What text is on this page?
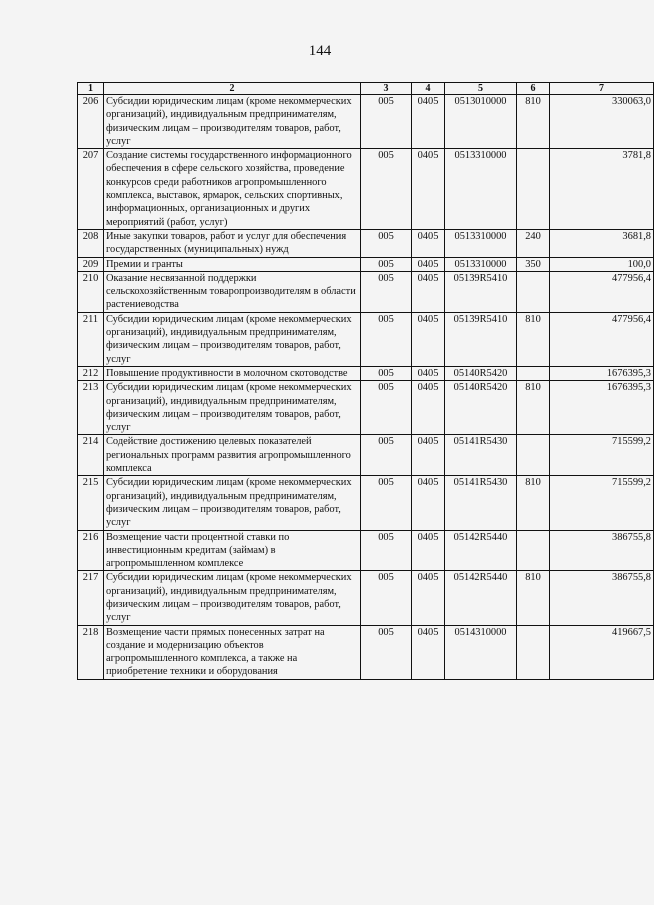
144
1	2	3	4	5	6	7
206	Субсидии юридическим лицам (кроме некоммерческих организаций), индивидуальным предпринимателям, физическим лицам – производителям товаров, работ, услуг	005	0405	0513010000	810	330063,0
207	Создание системы государственного информационного обеспечения в сфере сельского хозяйства, проведение конкурсов среди работников агропромышленного комплекса, выставок, ярмарок, сельских спортивных, информационных, организационных и других мероприятий (работ, услуг)	005	0405	0513310000		3781,8
208	Иные закупки товаров, работ и услуг для обеспечения государственных (муниципальных) нужд	005	0405	0513310000	240	3681,8
209	Премии и гранты	005	0405	0513310000	350	100,0
210	Оказание несвязанной поддержки сельскохозяйственным товаропроизводителям в области растениеводства	005	0405	05139R5410		477956,4
211	Субсидии юридическим лицам (кроме некоммерческих организаций), индивидуальным предпринимателям, физическим лицам – производителям товаров, работ, услуг	005	0405	05139R5410	810	477956,4
212	Повышение продуктивности в молочном скотоводстве	005	0405	05140R5420		1676395,3
213	Субсидии юридическим лицам (кроме некоммерческих организаций), индивидуальным предпринимателям, физическим лицам – производителям товаров, работ, услуг	005	0405	05140R5420	810	1676395,3
214	Содействие достижению целевых показателей региональных программ развития агропромышленного комплекса	005	0405	05141R5430		715599,2
215	Субсидии юридическим лицам (кроме некоммерческих организаций), индивидуальным предпринимателям, физическим лицам – производителям товаров, работ, услуг	005	0405	05141R5430	810	715599,2
216	Возмещение части процентной ставки по инвестиционным кредитам (займам) в агропромышленном комплексе	005	0405	05142R5440		386755,8
217	Субсидии юридическим лицам (кроме некоммерческих организаций), индивидуальным предпринимателям, физическим лицам – производителям товаров, работ, услуг	005	0405	05142R5440	810	386755,8
218	Возмещение части прямых понесенных затрат на создание и модернизацию объектов агропромышленного комплекса, а также на приобретение техники и оборудования	005	0405	0514310000		419667,5
